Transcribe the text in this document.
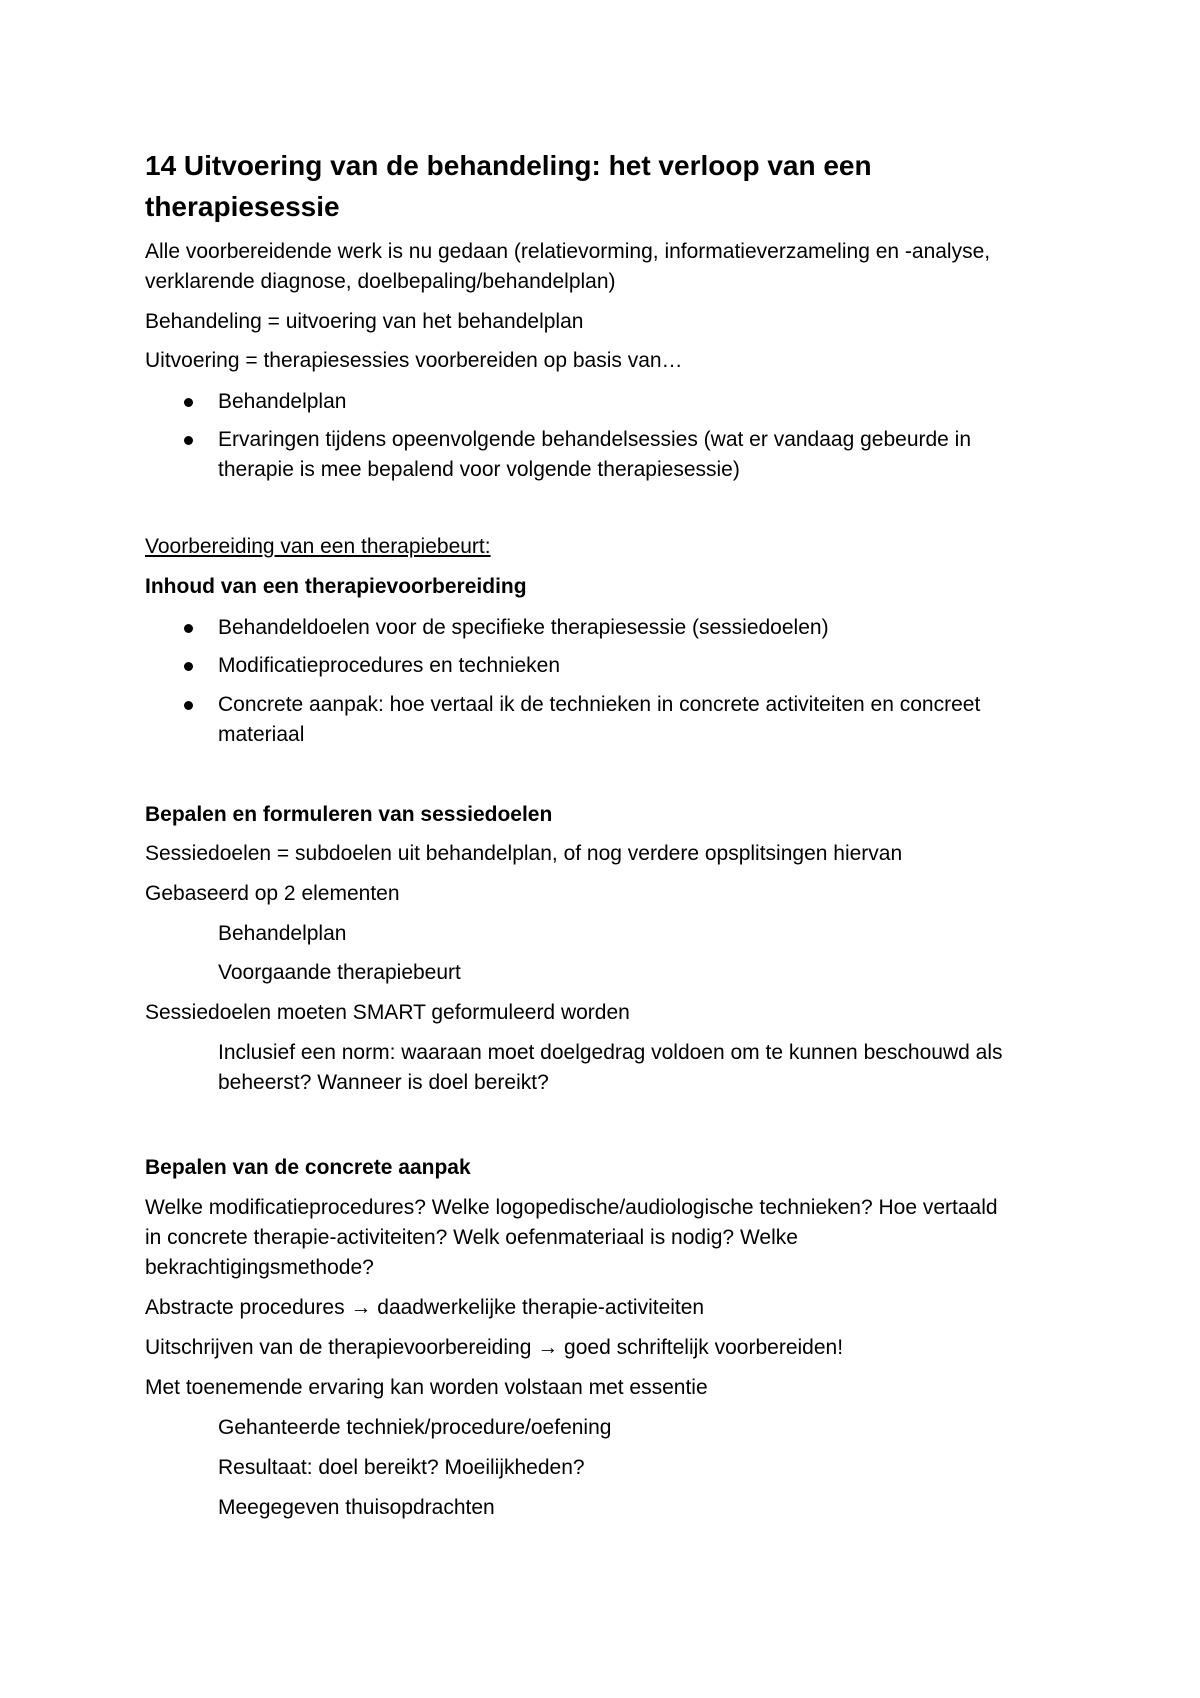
14 Uitvoering van de behandeling: het verloop van een
therapiesessie
Alle voorbereidende werk is nu gedaan (relatievorming, informatieverzameling en -analyse,
verklarende diagnose, doelbepaling/behandelplan)
Behandeling = uitvoering van het behandelplan
Uitvoering = therapiesessies voorbereiden op basis van…
Behandelplan
Ervaringen tijdens opeenvolgende behandelsessies (wat er vandaag gebeurde in
therapie is mee bepalend voor volgende therapiesessie)
Voorbereiding van een therapiebeurt:
Inhoud van een therapievoorbereiding
Behandeldoelen voor de specifieke therapiesessie (sessiedoelen)
Modificatieprocedures en technieken
Concrete aanpak: hoe vertaal ik de technieken in concrete activiteiten en concreet
materiaal
Bepalen en formuleren van sessiedoelen
Sessiedoelen = subdoelen uit behandelplan, of nog verdere opsplitsingen hiervan
Gebaseerd op 2 elementen
Behandelplan
Voorgaande therapiebeurt
Sessiedoelen moeten SMART geformuleerd worden
Inclusief een norm: waaraan moet doelgedrag voldoen om te kunnen beschouwd als
beheerst? Wanneer is doel bereikt?
Bepalen van de concrete aanpak
Welke modificatieprocedures? Welke logopedische/audiologische technieken? Hoe vertaald
in concrete therapie-activiteiten? Welk oefenmateriaal is nodig? Welke
bekrachtigingsmethode?
Abstracte procedures → daadwerkelijke therapie-activiteiten
Uitschrijven van de therapievoorbereiding → goed schriftelijk voorbereiden!
Met toenemende ervaring kan worden volstaan met essentie
Gehanteerde techniek/procedure/oefening
Resultaat: doel bereikt? Moeilijkheden?
Meegegeven thuisopdrachten
